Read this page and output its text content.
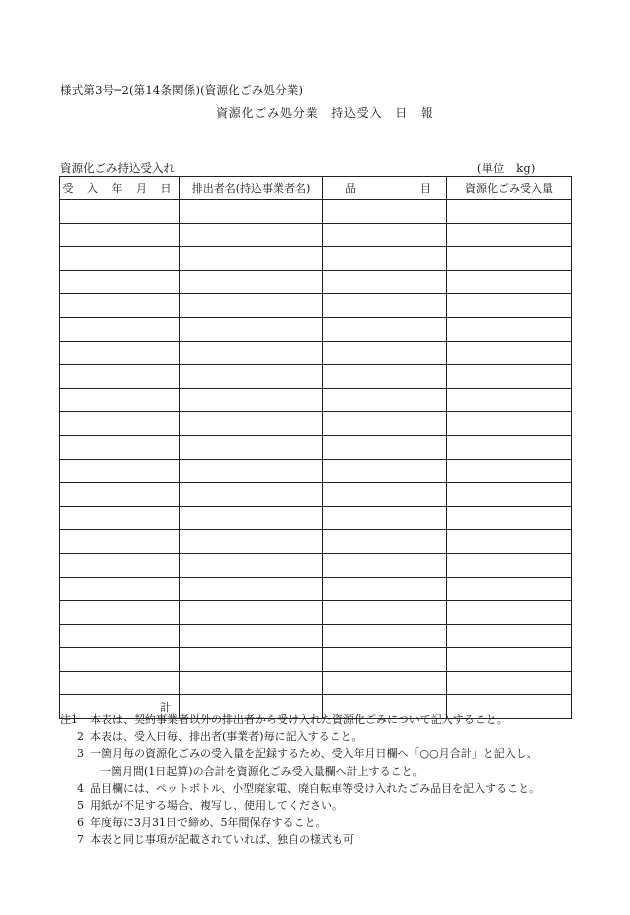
様式第3号─2(第14条関係)(資源化ごみ処分業)
資源化ごみ処分業　持込受入　日　報
資源化ごみ持込受入れ	(単位　kg)
受 入 年 月 日	排出者名(持込事業者名)	品 目	資源化ごみ受入量

計			
注1	本表は、契約事業者以外の排出者から受け入れた資源化ごみについて記入すること。
2 本表は、受入日毎、排出者(事業者)毎に記入すること。
3 一箇月毎の資源化ごみの受入量を記録するため、受入年月日欄へ「○○月合計」と記入し、
一箇月間(1日起算)の合計を資源化ごみ受入量欄へ計上すること。
4 品目欄には、ペットボトル、小型廃家電、廃自転車等受け入れたごみ品目を記入すること。
5 用紙が不足する場合、複写し、使用してください。
6 年度毎に3月31日で締め、5年間保存すること。
7 本表と同じ事項が記載されていれば、独自の様式も可
